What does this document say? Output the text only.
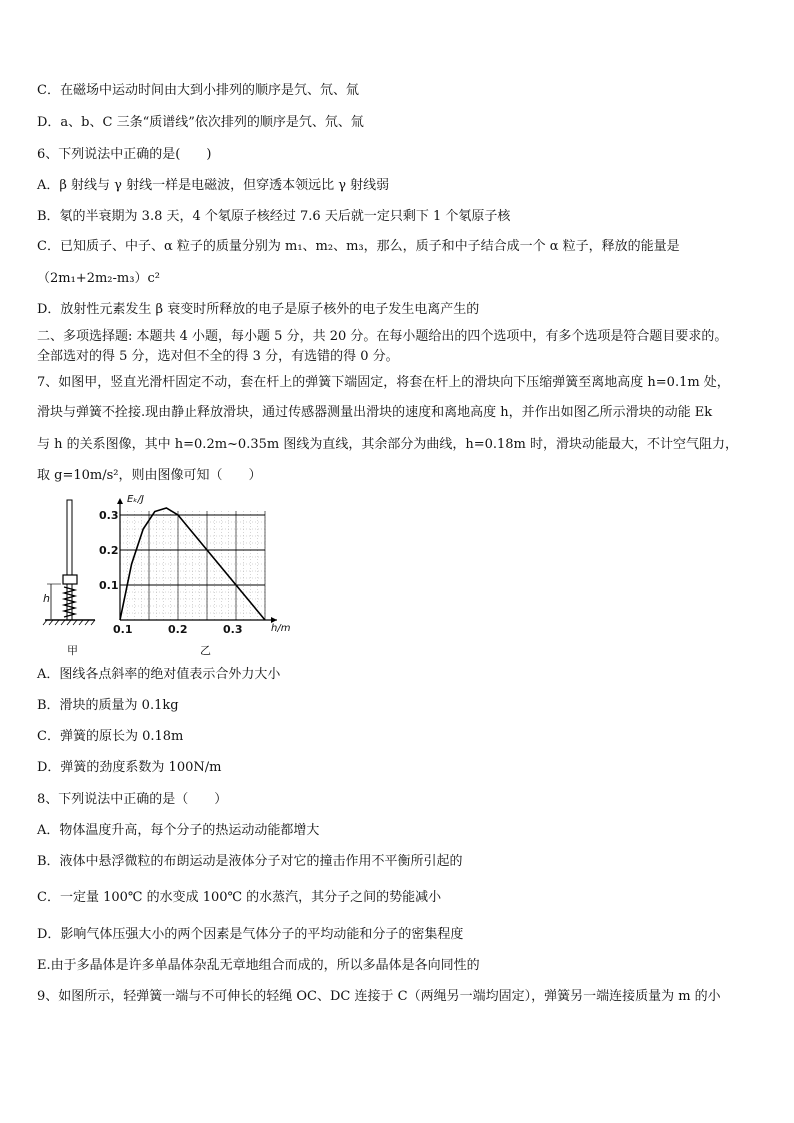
C．在磁场中运动时间由大到小排列的顺序是氕、氘、氚
D．a、b、C 三条“质谱线”依次排列的顺序是氕、氘、氚
6、下列说法中正确的是(　　)
A．β 射线与 γ 射线一样是电磁波，但穿透本领远比 γ 射线弱
B．氡的半衰期为 3.8 天，4 个氡原子核经过 7.6 天后就一定只剩下 1 个氡原子核
C．已知质子、中子、α 粒子的质量分别为 m₁、m₂、m₃，那么，质子和中子结合成一个 α 粒子，释放的能量是
（2m₁+2m₂-m₃）c²
D．放射性元素发生 β 衰变时所释放的电子是原子核外的电子发生电离产生的
二、多项选择题: 本题共 4 小题，每小题 5 分，共 20 分。在每小题给出的四个选项中，有多个选项是符合题目要求的。
全部选对的得 5 分，选对但不全的得 3 分，有选错的得 0 分。
7、如图甲，竖直光滑杆固定不动，套在杆上的弹簧下端固定，将套在杆上的滑块向下压缩弹簧至离地高度 h=0.1m 处，
滑块与弹簧不拴接.现由静止释放滑块，通过传感器测量出滑块的速度和离地高度 h，并作出如图乙所示滑块的动能 Ek
与 h 的关系图像，其中 h=0.2m~0.35m 图线为直线，其余部分为曲线，h=0.18m 时，滑块动能最大，不计空气阻力，
取 g=10m/s²，则由图像可知（　　）
h
甲	乙
Eₖ/J
h/m
0.1
0.2
0.3
0.1	0.2	0.3
A．图线各点斜率的绝对值表示合外力大小
B．滑块的质量为 0.1kg
C．弹簧的原长为 0.18m
D．弹簧的劲度系数为 100N/m
8、下列说法中正确的是（　　）
A．物体温度升高，每个分子的热运动动能都增大
B．液体中悬浮微粒的布朗运动是液体分子对它的撞击作用不平衡所引起的
C．一定量 100℃ 的水变成 100℃ 的水蒸汽，其分子之间的势能减小
D．影响气体压强大小的两个因素是气体分子的平均动能和分子的密集程度
E.由于多晶体是许多单晶体杂乱无章地组合而成的，所以多晶体是各向同性的
9、如图所示，轻弹簧一端与不可伸长的轻绳 OC、DC 连接于 C（两绳另一端均固定），弹簧另一端连接质量为 m 的小
